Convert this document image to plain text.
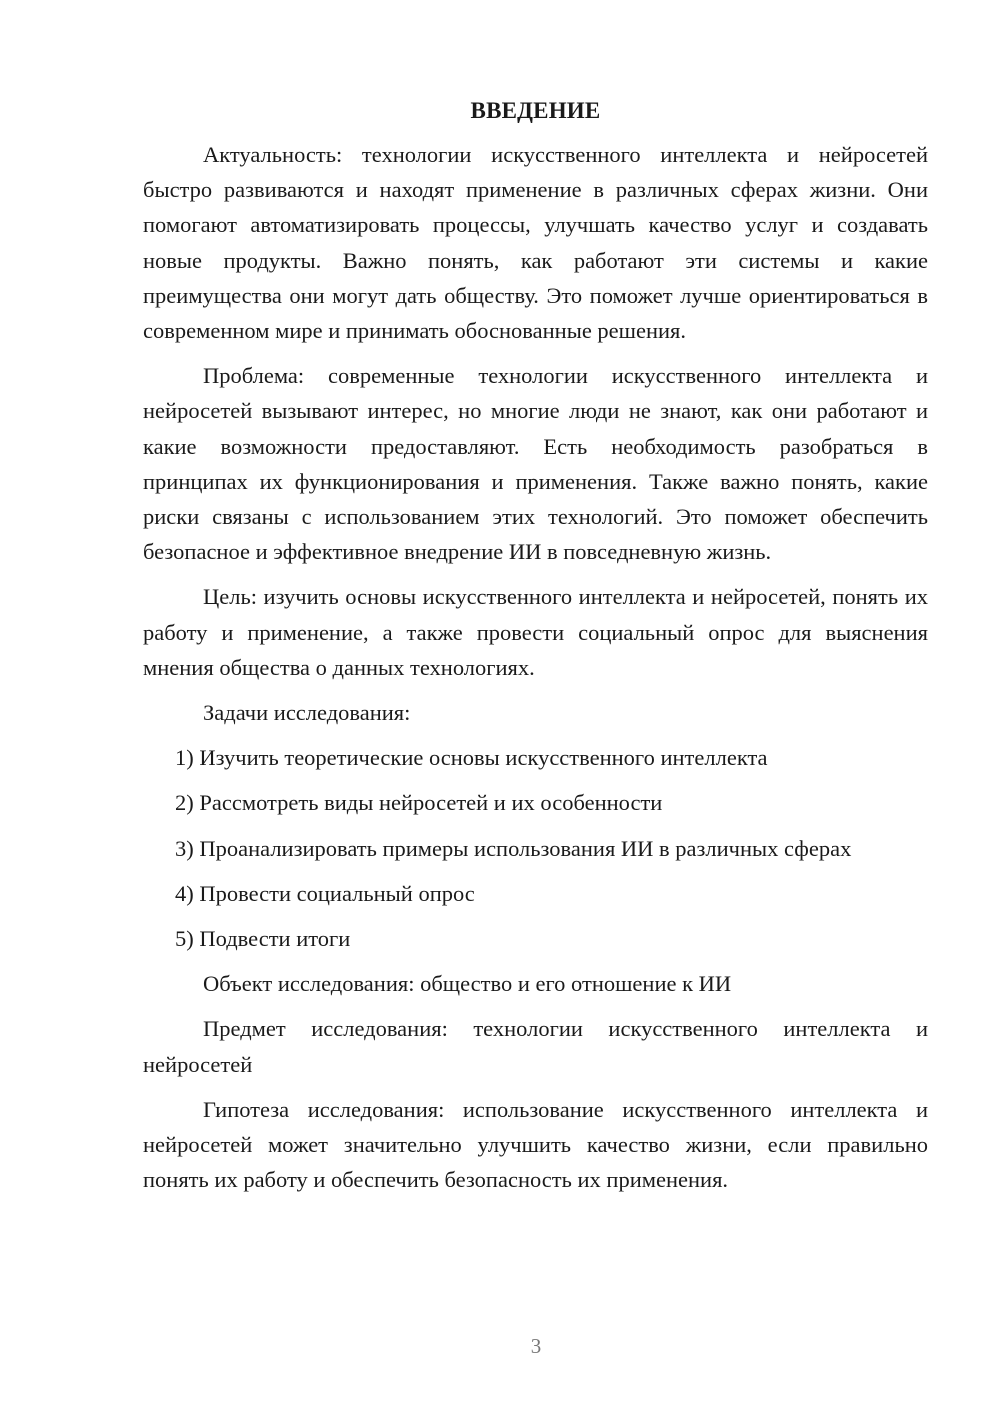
ВВЕДЕНИЕ

Актуальность: технологии искусственного интеллекта и нейросетей быстро развиваются и находят применение в различных сферах жизни. Они помогают автоматизировать процессы, улучшать качество услуг и создавать новые продукты. Важно понять, как работают эти системы и какие преимущества они могут дать обществу. Это поможет лучше ориентироваться в современном мире и принимать обоснованные решения.

Проблема: современные технологии искусственного интеллекта и нейросетей вызывают интерес, но многие люди не знают, как они работают и какие возможности предоставляют. Есть необходимость разобраться в принципах их функционирования и применения. Также важно понять, какие риски связаны с использованием этих технологий. Это поможет обеспечить безопасное и эффективное внедрение ИИ в повседневную жизнь.

Цель: изучить основы искусственного интеллекта и нейросетей, понять их работу и применение, а также провести социальный опрос для выяснения мнения общества о данных технологиях.

Задачи исследования:
1) Изучить теоретические основы искусственного интеллекта
2) Рассмотреть виды нейросетей и их особенности
3) Проанализировать примеры использования ИИ в различных сферах
4) Провести социальный опрос
5) Подвести итоги
Объект исследования: общество и его отношение к ИИ

Предмет исследования: технологии искусственного интеллекта и нейросетей

Гипотеза исследования: использование искусственного интеллекта и нейросетей может значительно улучшить качество жизни, если правильно понять их работу и обеспечить безопасность их применения.

3
